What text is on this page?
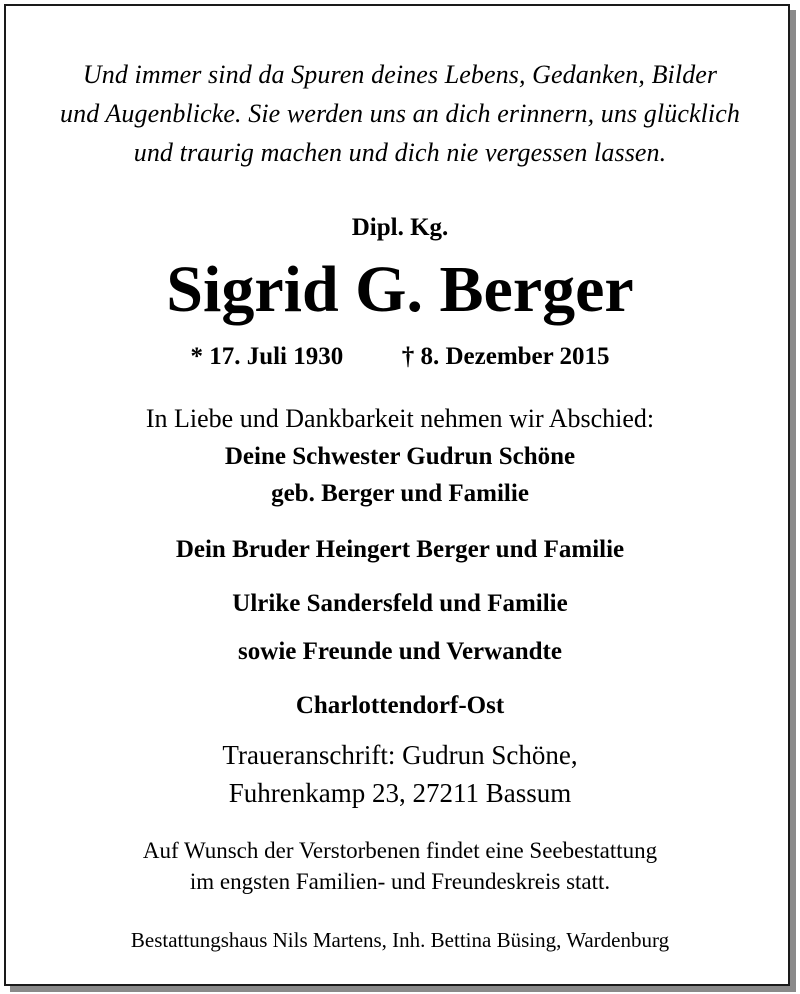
Und immer sind da Spuren deines Lebens, Gedanken, Bilder
und Augenblicke. Sie werden uns an dich erinnern, uns glücklich
und traurig machen und dich nie vergessen lassen.
Dipl. Kg.
Sigrid G. Berger
* 17. Juli 1930 † 8. Dezember 2015
In Liebe und Dankbarkeit nehmen wir Abschied:
Deine Schwester Gudrun Schöne
geb. Berger und Familie
Dein Bruder Heingert Berger und Familie
Ulrike Sandersfeld und Familie
sowie Freunde und Verwandte
Charlottendorf-Ost
Traueranschrift: Gudrun Schöne,
Fuhrenkamp 23, 27211 Bassum
Auf Wunsch der Verstorbenen findet eine Seebestattung
im engsten Familien- und Freundeskreis statt.
Bestattungshaus Nils Martens, Inh. Bettina Büsing, Wardenburg
